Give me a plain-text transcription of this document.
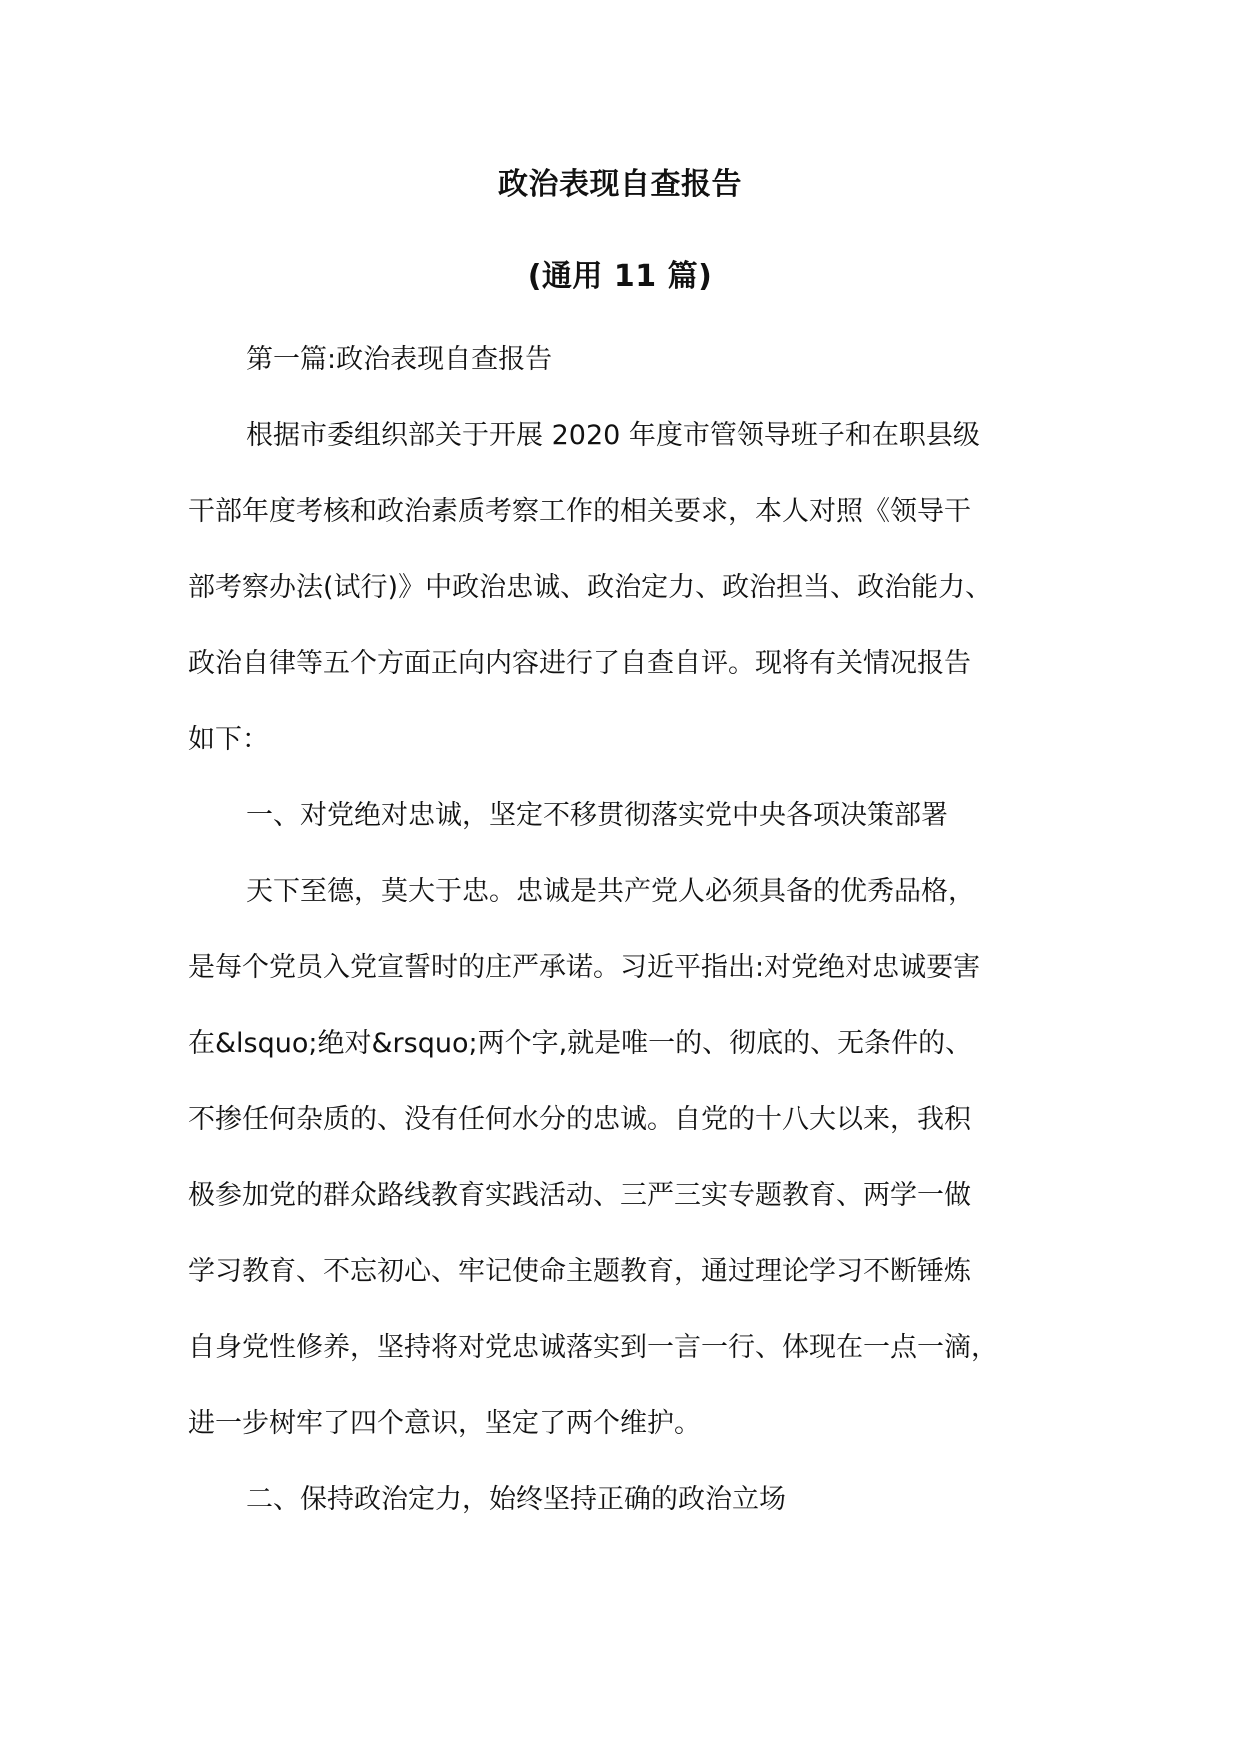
政治表现自查报告
(通用 11 篇)

第一篇:政治表现自查报告

根据市委组织部关于开展 2020 年度市管领导班子和在职县级
干部年度考核和政治素质考察工作的相关要求，本人对照《领导干
部考察办法(试行)》中政治忠诚、政治定力、政治担当、政治能力、
政治自律等五个方面正向内容进行了自查自评。现将有关情况报告
如下：

一、对党绝对忠诚，坚定不移贯彻落实党中央各项决策部署

天下至德，莫大于忠。忠诚是共产党人必须具备的优秀品格，
是每个党员入党宣誓时的庄严承诺。习近平指出:对党绝对忠诚要害
在&lsquo;绝对&rsquo;两个字,就是唯一的、彻底的、无条件的、
不掺任何杂质的、没有任何水分的忠诚。自党的十八大以来，我积
极参加党的群众路线教育实践活动、三严三实专题教育、两学一做
学习教育、不忘初心、牢记使命主题教育，通过理论学习不断锤炼
自身党性修养，坚持将对党忠诚落实到一言一行、体现在一点一滴，
进一步树牢了四个意识，坚定了两个维护。

二、保持政治定力，始终坚持正确的政治立场
